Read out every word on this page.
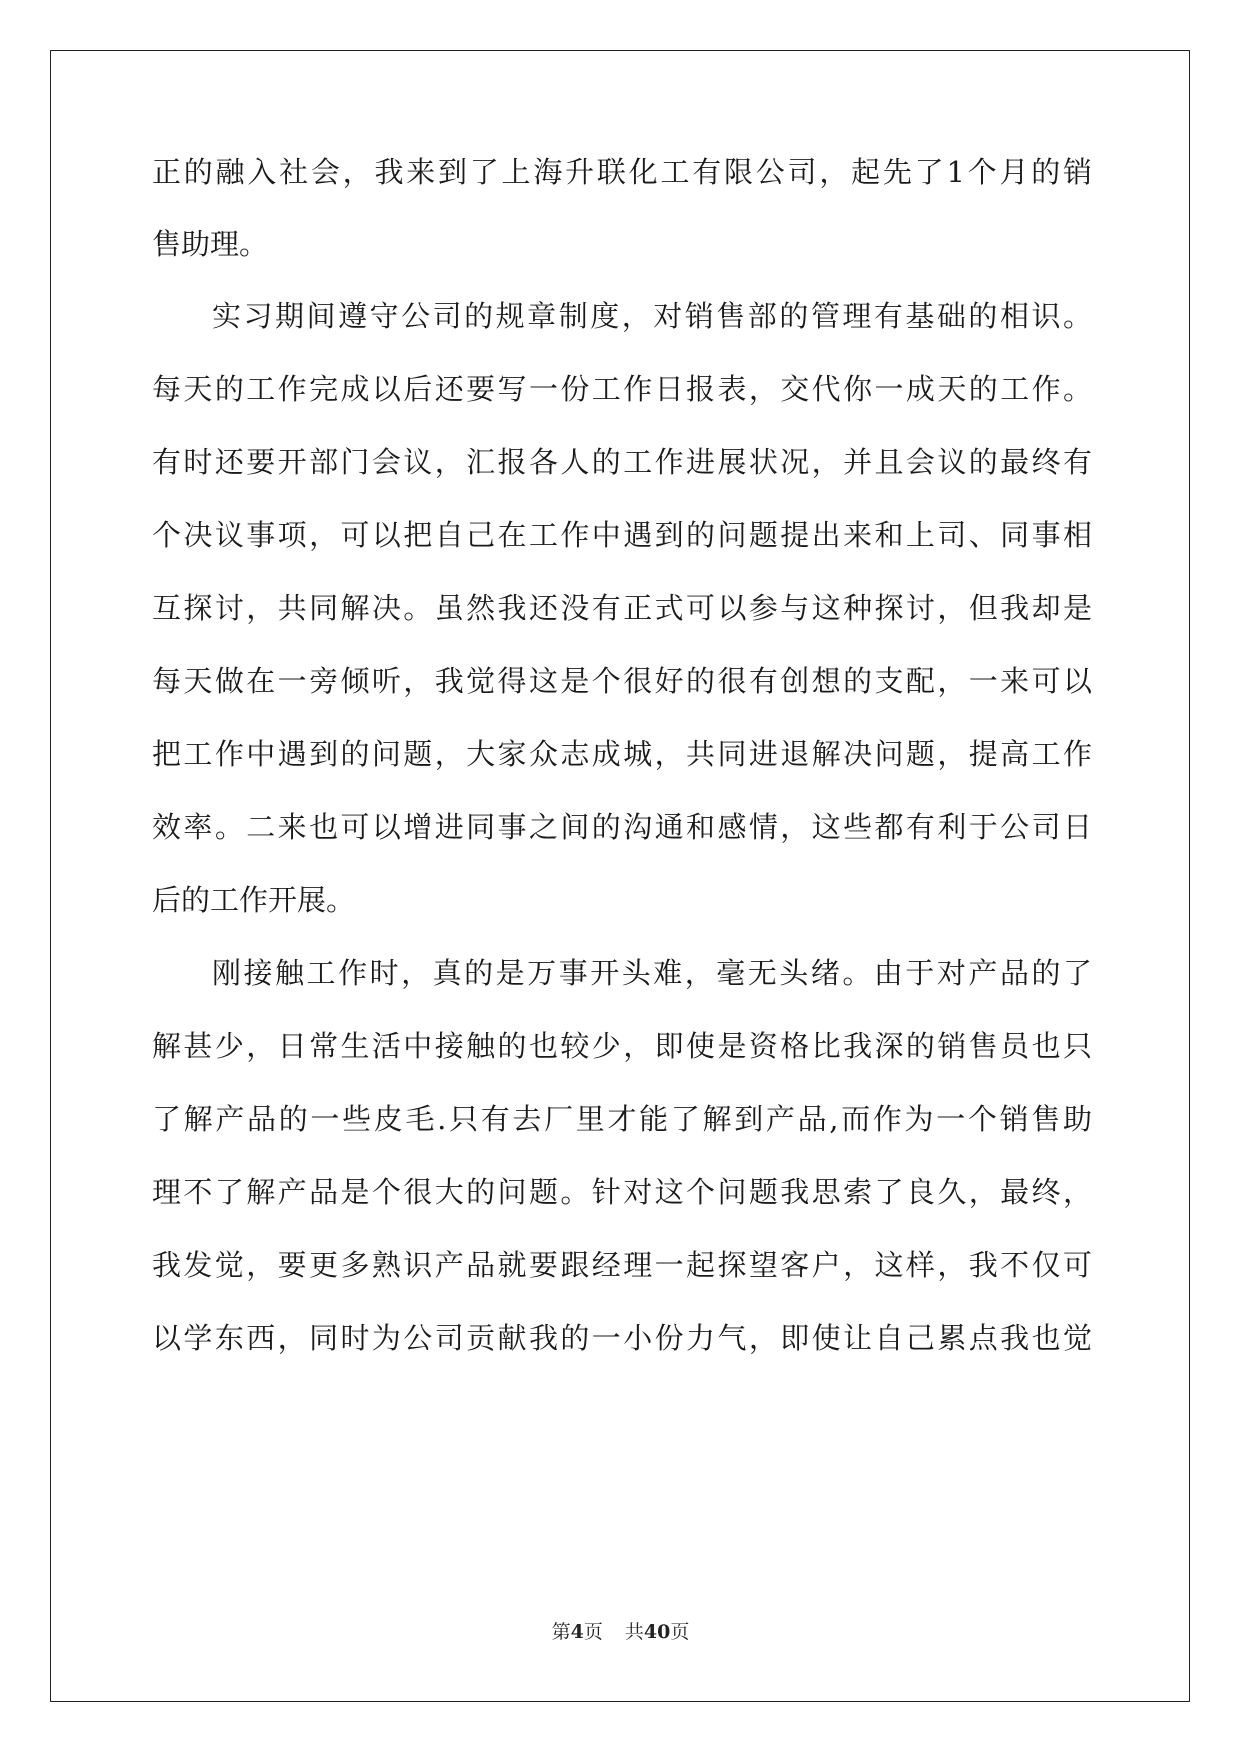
正的融入社会，我来到了上海升联化工有限公司，起先了1个月的销
售助理。
实习期间遵守公司的规章制度，对销售部的管理有基础的相识。
每天的工作完成以后还要写一份工作日报表，交代你一成天的工作。
有时还要开部门会议，汇报各人的工作进展状况，并且会议的最终有
个决议事项，可以把自己在工作中遇到的问题提出来和上司、同事相
互探讨，共同解决。虽然我还没有正式可以参与这种探讨，但我却是
每天做在一旁倾听，我觉得这是个很好的很有创想的支配，一来可以
把工作中遇到的问题，大家众志成城，共同进退解决问题，提高工作
效率。二来也可以增进同事之间的沟通和感情，这些都有利于公司日
后的工作开展。
刚接触工作时，真的是万事开头难，毫无头绪。由于对产品的了
解甚少，日常生活中接触的也较少，即使是资格比我深的销售员也只
了解产品的一些皮毛.只有去厂里才能了解到产品,而作为一个销售助
理不了解产品是个很大的问题。针对这个问题我思索了良久，最终，
我发觉，要更多熟识产品就要跟经理一起探望客户，这样，我不仅可
以学东西，同时为公司贡献我的一小份力气，即使让自己累点我也觉
第4页 共40页
